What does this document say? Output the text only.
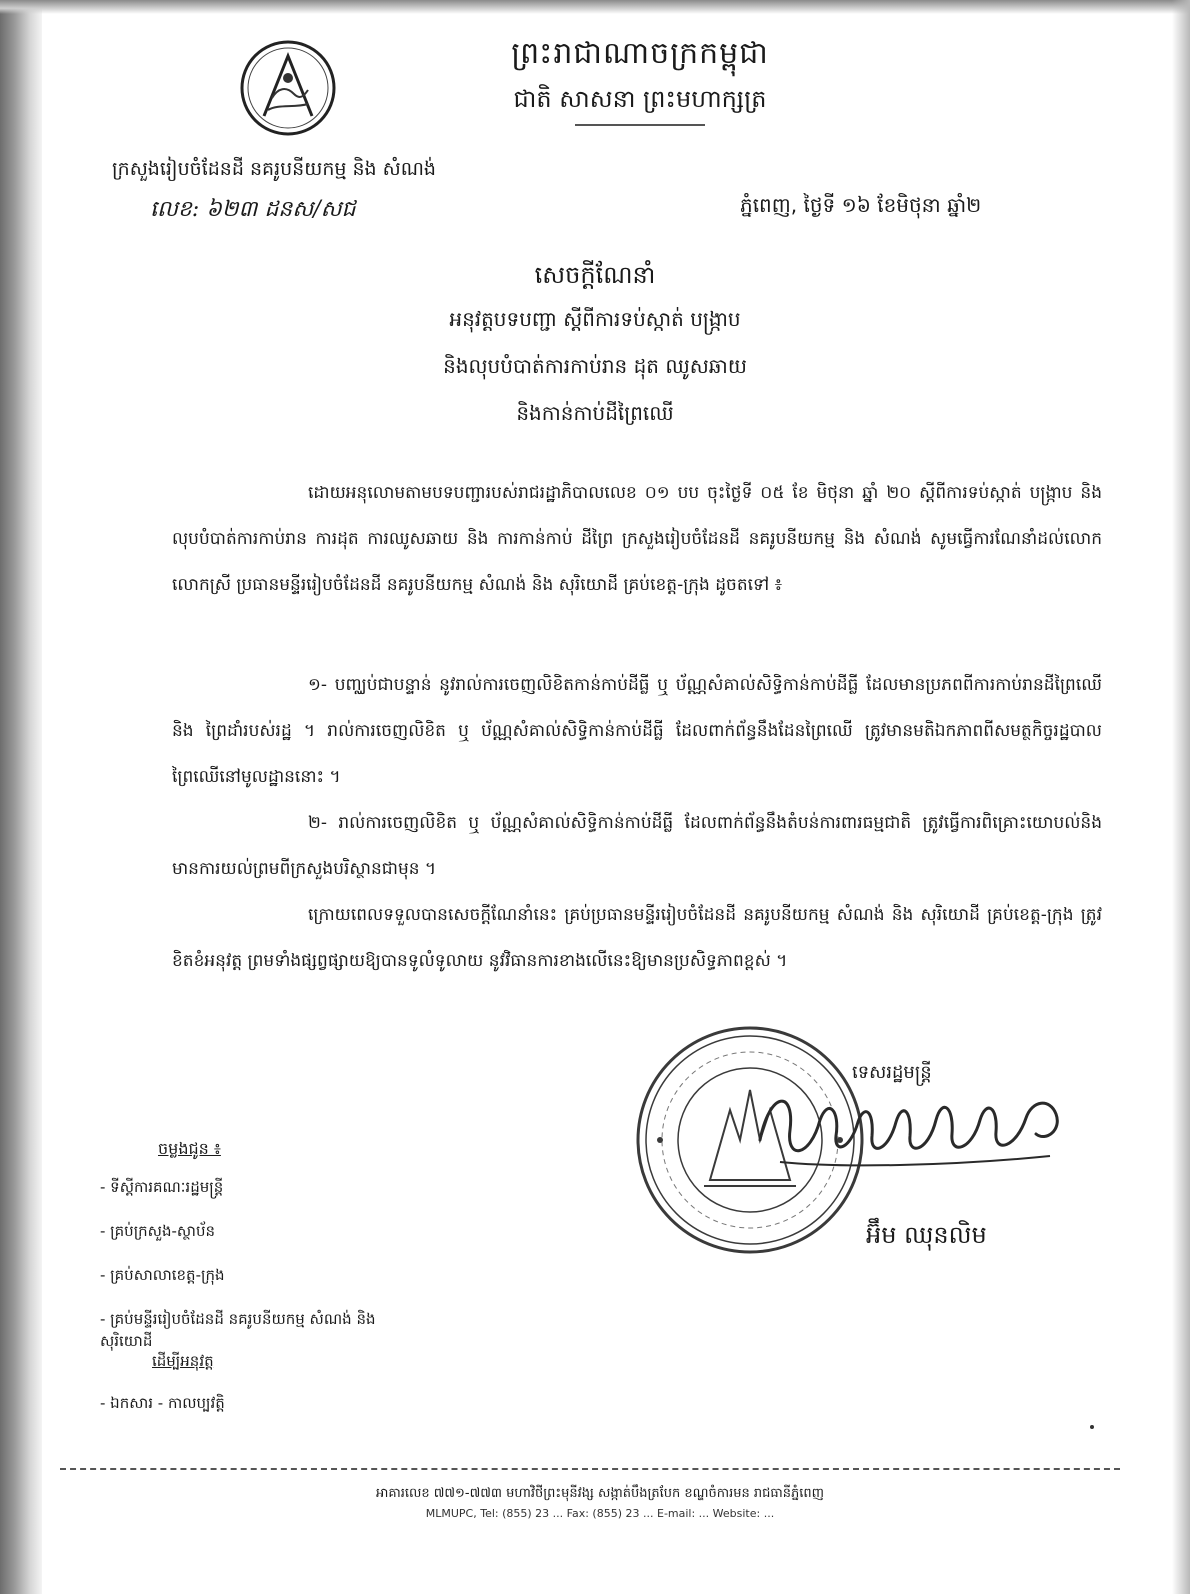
ព្រះរាជាណាចក្រកម្ពុជា
ជាតិ សាសនា ព្រះមហាក្សត្រ
ក្រសួងរៀបចំដែនដី នគរូបនីយកម្ម និង សំណង់
លេខ: ៦២៣ ដនស/សជ	ភ្នំពេញ, ថ្ងៃទី ១៦ ខែមិថុនា ឆ្នាំ២
សេចក្តីណែនាំ
អនុវត្តបទបញ្ជា ស្តីពីការទប់ស្កាត់ បង្ក្រាប
និងលុបបំបាត់ការកាប់រាន ដុត ឈូសឆាយ
និងកាន់កាប់ដីព្រៃឈើ
ដោយអនុលោមតាមបទបញ្ជារបស់រាជរដ្ឋាភិបាលលេខ ០១ បប ចុះថ្ងៃទី ០៥ ខែ មិថុនា ឆ្នាំ ២០ ស្តីពីការទប់ស្កាត់ បង្ក្រាប និង លុបបំបាត់ការកាប់រាន ការដុត ការឈូសឆាយ និង ការកាន់កាប់ ដីព្រៃ ក្រសួងរៀបចំដែនដី នគរូបនីយកម្ម និង សំណង់ សូមធ្វើការណែនាំដល់លោក លោកស្រី ប្រធានមន្ទីររៀបចំដែនដី នគរូបនីយកម្ម សំណង់ និង សុរិយោដី គ្រប់ខេត្ត-ក្រុង ដូចតទៅ ៖
១- បញ្ឈប់ជាបន្ទាន់ នូវរាល់ការចេញលិខិតកាន់កាប់ដីធ្លី ឬ ប័ណ្ណសំគាល់សិទ្ធិកាន់កាប់ដីធ្លី ដែលមានប្រភពពីការកាប់រានដីព្រៃឈើ និង ព្រៃដាំរបស់រដ្ឋ ។ រាល់ការចេញលិខិត ឬ ប័ណ្ណសំគាល់សិទ្ធិកាន់កាប់ដីធ្លី ដែលពាក់ព័ន្ធនឹងដែនព្រៃឈើ ត្រូវមានមតិឯកភាពពីសមត្ថកិច្ចរដ្ឋបាលព្រៃឈើនៅមូលដ្ឋាននោះ ។
២- រាល់ការចេញលិខិត ឬ ប័ណ្ណសំគាល់សិទ្ធិកាន់កាប់ដីធ្លី ដែលពាក់ព័ន្ធនឹងតំបន់ការពារធម្មជាតិ ត្រូវធ្វើការពិគ្រោះយោបល់និង មានការយល់ព្រមពីក្រសួងបរិស្ថានជាមុន ។
ក្រោយពេលទទួលបានសេចក្តីណែនាំនេះ គ្រប់ប្រធានមន្ទីររៀបចំដែនដី នគរូបនីយកម្ម សំណង់ និង សុរិយោដី គ្រប់ខេត្ត-ក្រុង ត្រូវខិតខំអនុវត្ត ព្រមទាំងផ្សព្វផ្សាយឱ្យបានទូលំទូលាយ នូវវិធានការខាងលើនេះឱ្យមានប្រសិទ្ធភាពខ្ពស់ ។
ទេសរដ្ឋមន្ត្រី
អ៊ឹម ឈុនលិម
ចម្លងជូន ៖
- ទីស្តីការគណៈរដ្ឋមន្ត្រី
- គ្រប់ក្រសួង-ស្ថាប័ន
- គ្រប់សាលាខេត្ត-ក្រុង
- គ្រប់មន្ទីររៀបចំដែនដី នគរូបនីយកម្ម សំណង់ និង សុរិយោដី
ដើម្បីអនុវត្ត
- ឯកសារ - កាលប្បវត្តិ
អាគារលេខ ៧៧១-៧៧៣ មហាវិថីព្រះមុនីវង្ស សង្កាត់បឹងត្របែក ខណ្ឌចំការមន រាជធានីភ្នំពេញ
MLMUPC, Tel: (855) 23 ... Fax: (855) 23 ... E-mail: ... Website: ...
